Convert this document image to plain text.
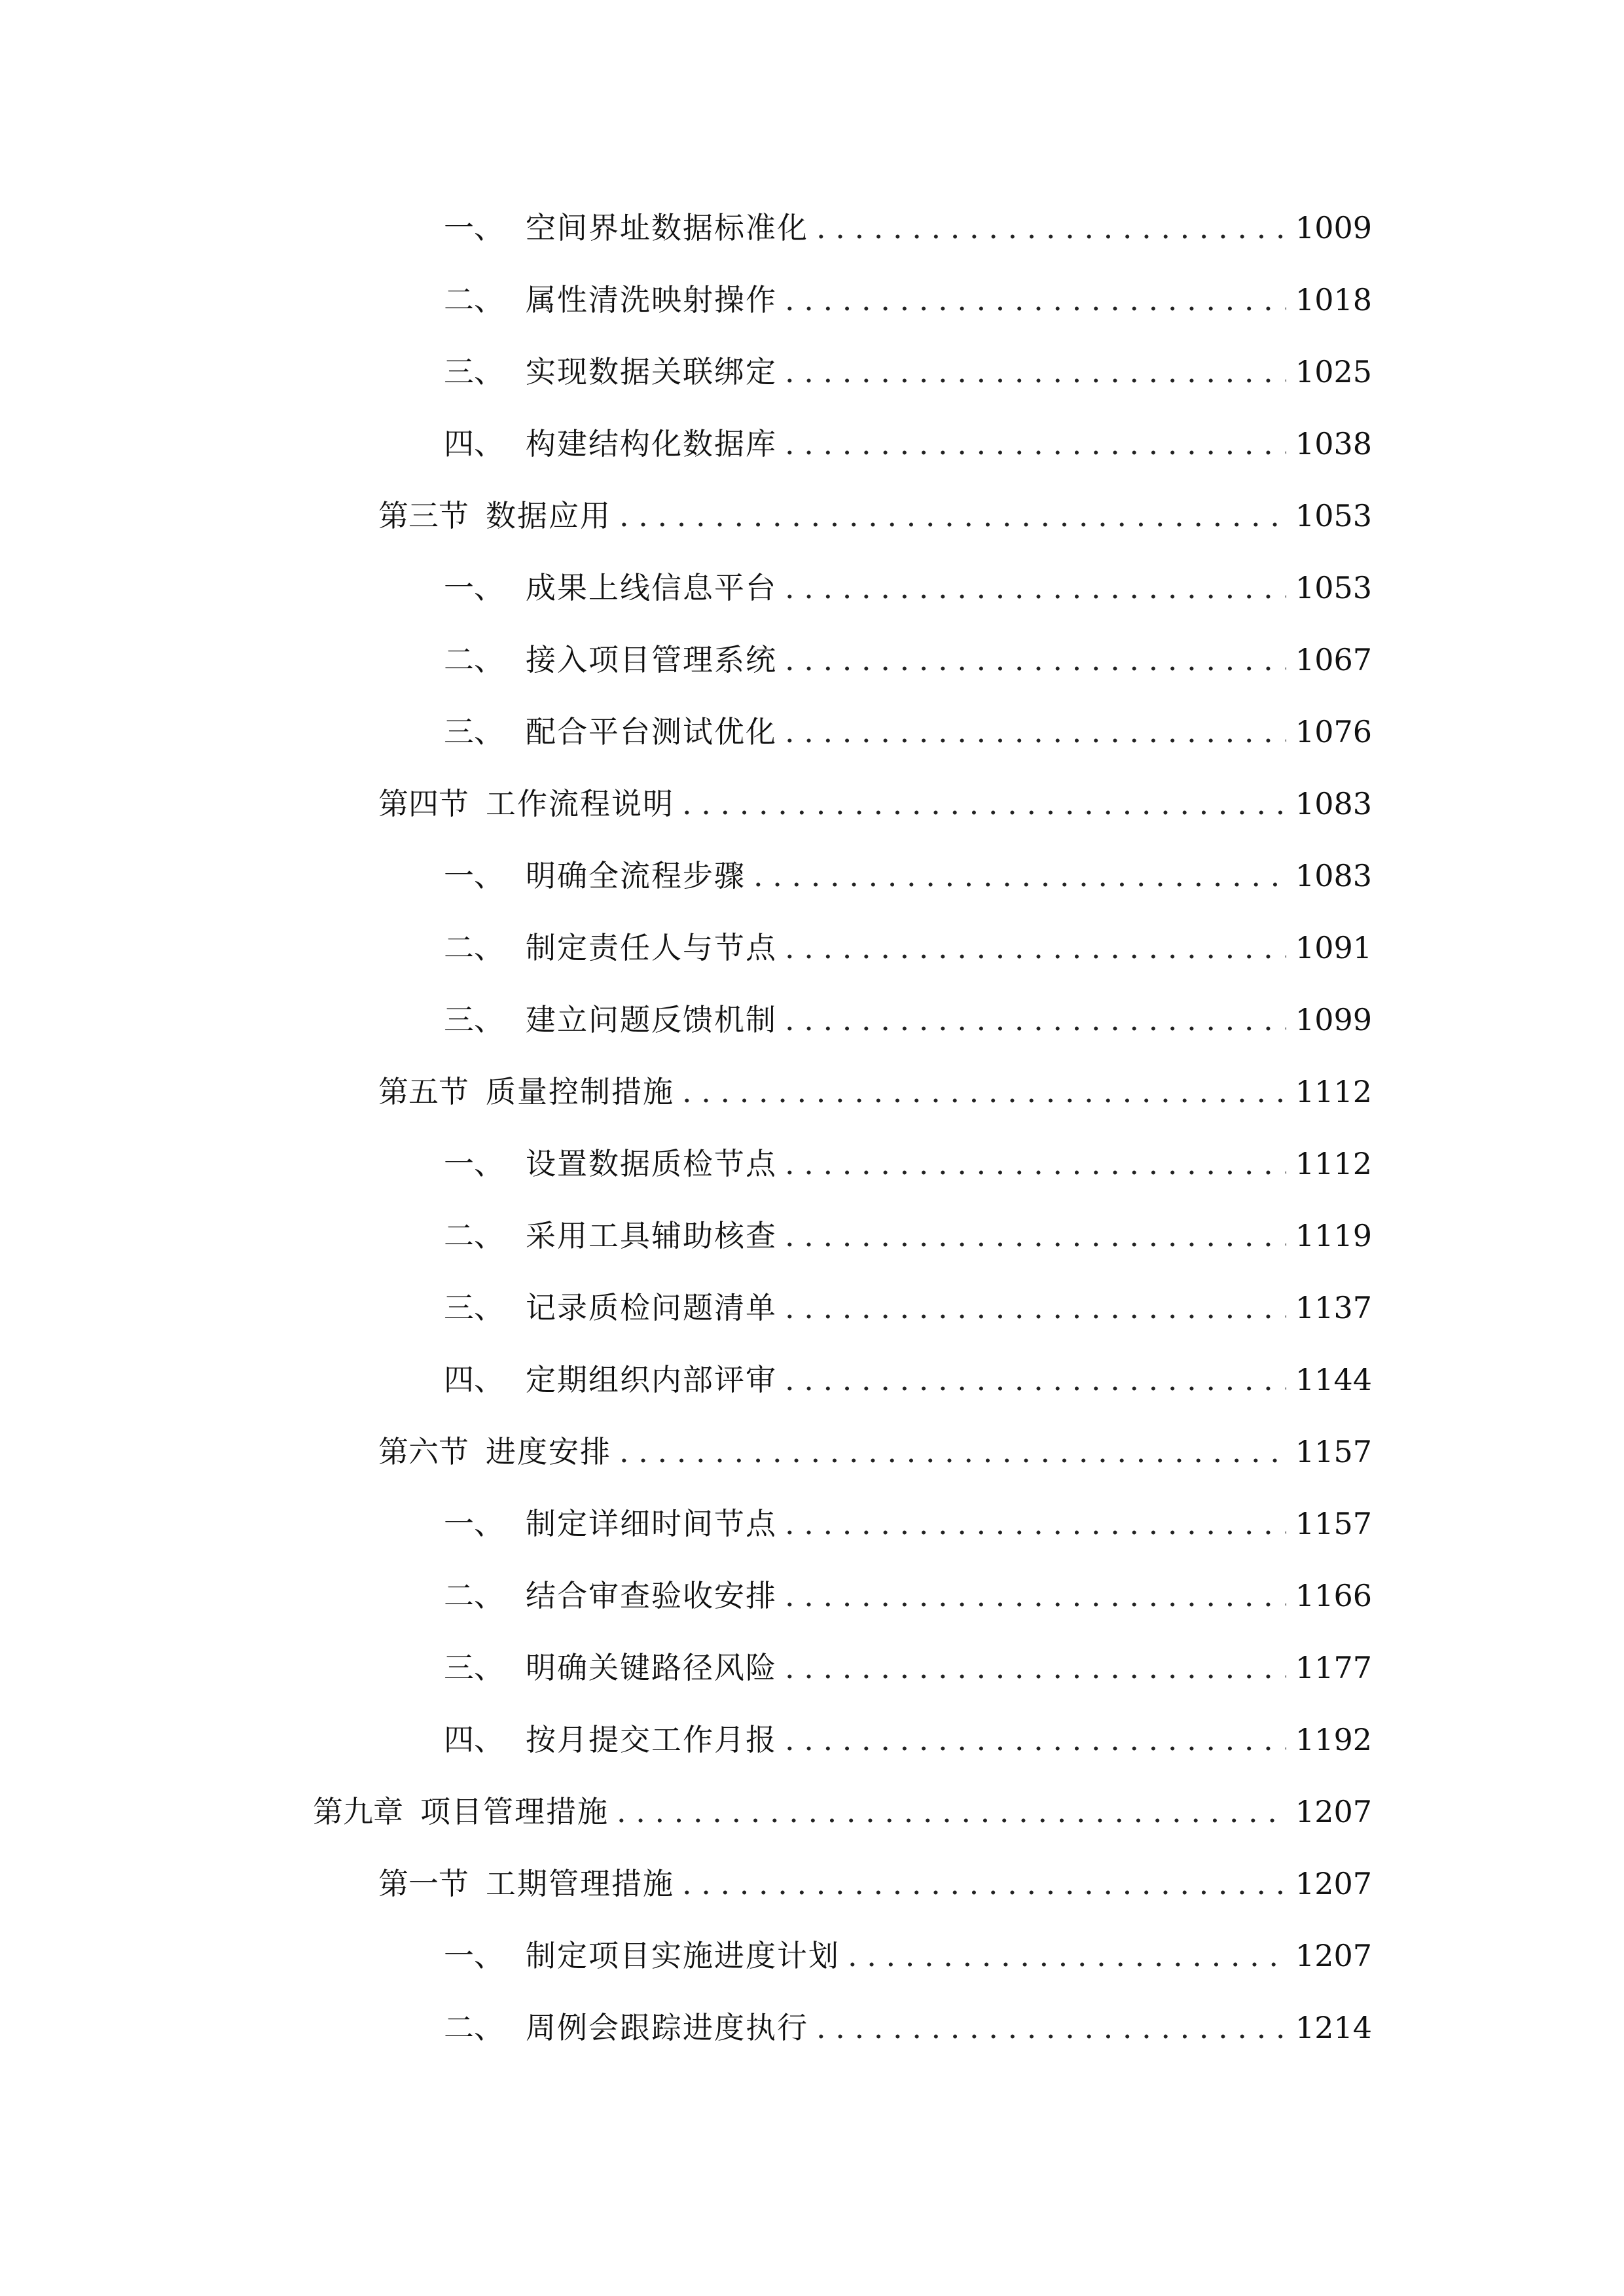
一、 空间界址数据标准化 . . .	1009
二、 属性清洗映射操作 . . .	1018
三、 实现数据关联绑定 . . .	1025
四、 构建结构化数据库 . . .	1038
第三节 数据应用 . . .	1053
一、 成果上线信息平台 . . .	1053
二、 接入项目管理系统 . . .	1067
三、 配合平台测试优化 . . .	1076
第四节 工作流程说明 . . .	1083
一、 明确全流程步骤 . . .	1083
二、 制定责任人与节点 . . .	1091
三、 建立问题反馈机制 . . .	1099
第五节 质量控制措施 . . .	1112
一、 设置数据质检节点 . . .	1112
二、 采用工具辅助核查 . . .	1119
三、 记录质检问题清单 . . .	1137
四、 定期组织内部评审 . . .	1144
第六节 进度安排 . . .	1157
一、 制定详细时间节点 . . .	1157
二、 结合审查验收安排 . . .	1166
三、 明确关键路径风险 . . .	1177
四、 按月提交工作月报 . . .	1192
第九章 项目管理措施 . . .	1207
第一节 工期管理措施 . . .	1207
一、 制定项目实施进度计划 . . .	1207
二、 周例会跟踪进度执行 . . .	1214
